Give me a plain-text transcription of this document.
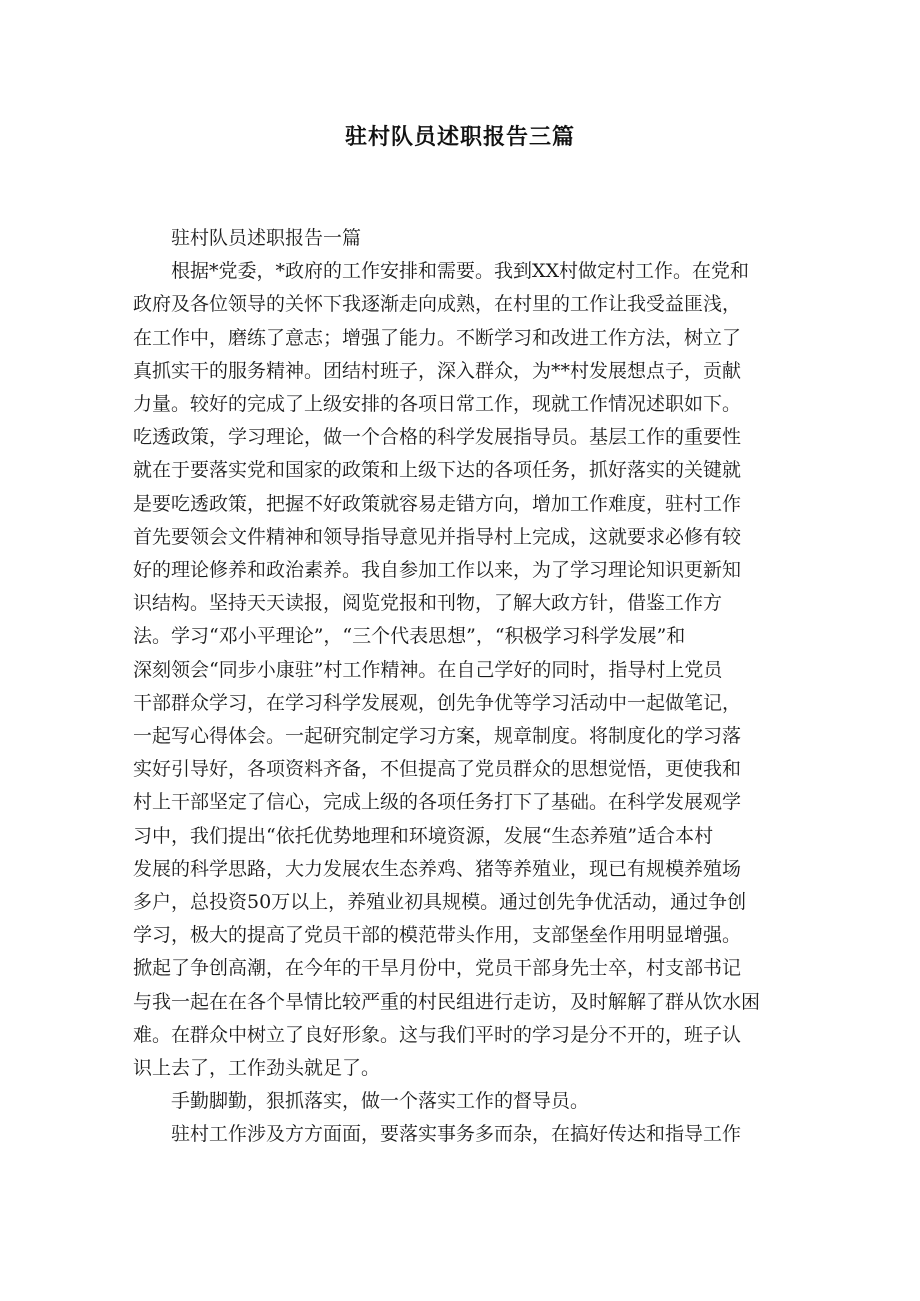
驻村队员述职报告三篇

驻村队员述职报告一篇

根据*党委，*政府的工作安排和需要。我到XX村做定村工作。在党和

政府及各位领导的关怀下我逐渐走向成熟，在村里的工作让我受益匪浅，

在工作中，磨练了意志；增强了能力。不断学习和改进工作方法，树立了

真抓实干的服务精神。团结村班子，深入群众，为**村发展想点子，贡献

力量。较好的完成了上级安排的各项日常工作，现就工作情况述职如下。

吃透政策，学习理论，做一个合格的科学发展指导员。基层工作的重要性

就在于要落实党和国家的政策和上级下达的各项任务，抓好落实的关键就

是要吃透政策，把握不好政策就容易走错方向，增加工作难度，驻村工作

首先要领会文件精神和领导指导意见并指导村上完成，这就要求必修有较

好的理论修养和政治素养。我自参加工作以来，为了学习理论知识更新知

识结构。坚持天天读报，阅览党报和刊物，了解大政方针，借鉴工作方

法。学习“邓小平理论”，“三个代表思想”，“积极学习科学发展”和

深刻领会“同步小康驻”村工作精神。在自己学好的同时，指导村上党员

干部群众学习，在学习科学发展观，创先争优等学习活动中一起做笔记，

一起写心得体会。一起研究制定学习方案，规章制度。将制度化的学习落

实好引导好，各项资料齐备，不但提高了党员群众的思想觉悟，更使我和

村上干部坚定了信心，完成上级的各项任务打下了基础。在科学发展观学

习中，我们提出“依托优势地理和环境资源，发展“生态养殖”适合本村

发展的科学思路，大力发展农生态养鸡、猪等养殖业，现已有规模养殖场

多户，总投资50万以上，养殖业初具规模。通过创先争优活动，通过争创

学习，极大的提高了党员干部的模范带头作用，支部堡垒作用明显增强。

掀起了争创高潮，在今年的干旱月份中，党员干部身先士卒，村支部书记

与我一起在在各个旱情比较严重的村民组进行走访，及时解解了群从饮水困

难。在群众中树立了良好形象。这与我们平时的学习是分不开的，班子认

识上去了，工作劲头就足了。

手勤脚勤，狠抓落实，做一个落实工作的督导员。

驻村工作涉及方方面面，要落实事务多而杂，在搞好传达和指导工作
